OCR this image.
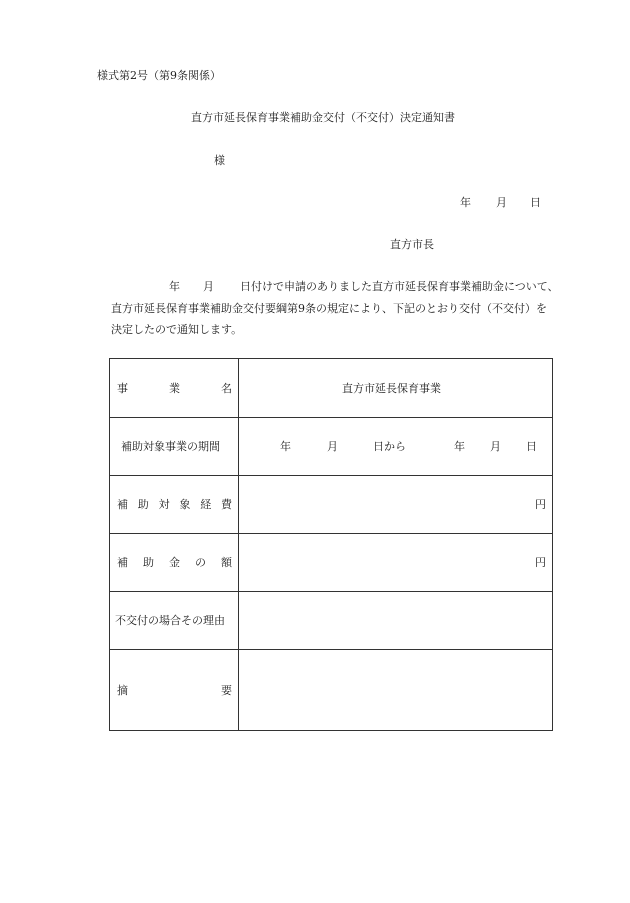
様式第2号（第9条関係）
直方市延長保育事業補助金交付（不交付）決定通知書
様
年 月 日
直方市長
年 月 日付けで申請のありました直方市延長保育事業補助金について、
直方市延長保育事業補助金交付要綱第9条の規定により、下記のとおり交付（不交付）を
決定したので通知します。
事	業	名	直方市延長保育事業
補助対象事業の期間	年	月	日から	年 月 日
補 助 対 象 経 費	円
補 助 金 の 額	円
不交付の場合その理由
摘	要
